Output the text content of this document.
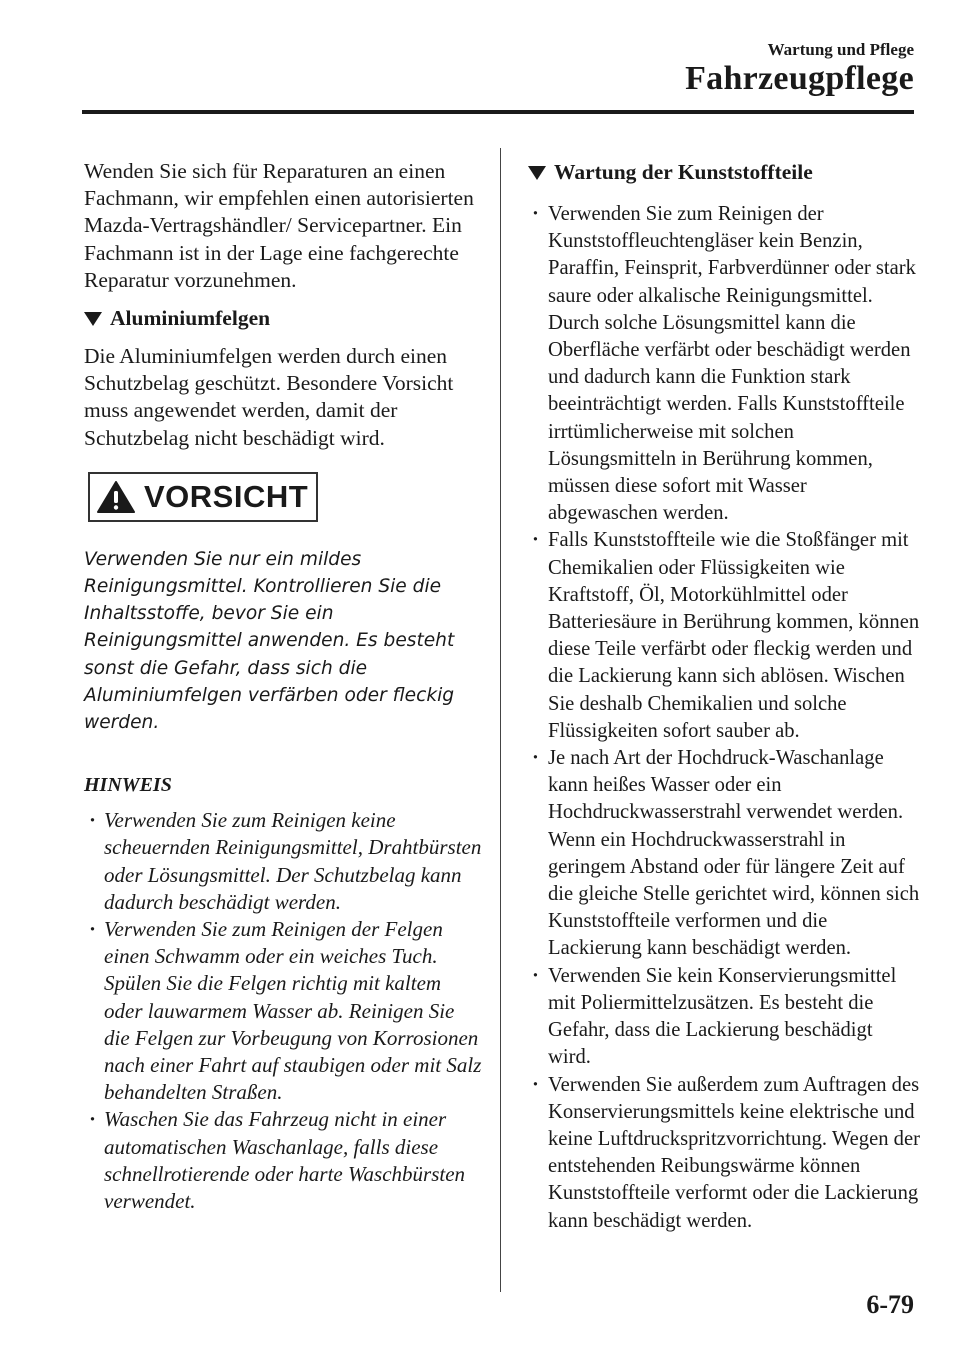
Wartung und Pflege
Fahrzeugpflege

Wenden Sie sich für Reparaturen an einen Fachmann, wir empfehlen einen autorisierten Mazda-Vertragshändler/ Servicepartner. Ein Fachmann ist in der Lage eine fachgerechte Reparatur vorzunehmen.

Aluminiumfelgen

Die Aluminiumfelgen werden durch einen Schutzbelag geschützt. Besondere Vorsicht muss angewendet werden, damit der Schutzbelag nicht beschädigt wird.

VORSICHT

Verwenden Sie nur ein mildes Reinigungsmittel. Kontrollieren Sie die Inhaltsstoffe, bevor Sie ein Reinigungsmittel anwenden. Es besteht sonst die Gefahr, dass sich die Aluminiumfelgen verfärben oder fleckig werden.

HINWEIS
· Verwenden Sie zum Reinigen keine scheuernden Reinigungsmittel, Drahtbürsten oder Lösungsmittel. Der Schutzbelag kann dadurch beschädigt werden.
· Verwenden Sie zum Reinigen der Felgen einen Schwamm oder ein weiches Tuch. Spülen Sie die Felgen richtig mit kaltem oder lauwarmem Wasser ab. Reinigen Sie die Felgen zur Vorbeugung von Korrosionen nach einer Fahrt auf staubigen oder mit Salz behandelten Straßen.
· Waschen Sie das Fahrzeug nicht in einer automatischen Waschanlage, falls diese schnellrotierende oder harte Waschbürsten verwendet.
Wartung der Kunststoffteile
· Verwenden Sie zum Reinigen der Kunststoffleuchtengläser kein Benzin, Paraffin, Feinsprit, Farbverdünner oder stark saure oder alkalische Reinigungsmittel. Durch solche Lösungsmittel kann die Oberfläche verfärbt oder beschädigt werden und dadurch kann die Funktion stark beeinträchtigt werden. Falls Kunststoffteile irrtümlicherweise mit solchen Lösungsmitteln in Berührung kommen, müssen diese sofort mit Wasser abgewaschen werden.
· Falls Kunststoffteile wie die Stoßfänger mit Chemikalien oder Flüssigkeiten wie Kraftstoff, Öl, Motorkühlmittel oder Batteriesäure in Berührung kommen, können diese Teile verfärbt oder fleckig werden und die Lackierung kann sich ablösen. Wischen Sie deshalb Chemikalien und solche Flüssigkeiten sofort sauber ab.
· Je nach Art der Hochdruck-Waschanlage kann heißes Wasser oder ein Hochdruckwasserstrahl verwendet werden. Wenn ein Hochdruckwasserstrahl in geringem Abstand oder für längere Zeit auf die gleiche Stelle gerichtet wird, können sich Kunststoffteile verformen und die Lackierung kann beschädigt werden.
· Verwenden Sie kein Konservierungsmittel mit Poliermittelzusätzen. Es besteht die Gefahr, dass die Lackierung beschädigt wird.
· Verwenden Sie außerdem zum Auftragen des Konservierungsmittels keine elektrische und keine Luftdruckspritzvorrichtung. Wegen der entstehenden Reibungswärme können Kunststoffteile verformt oder die Lackierung kann beschädigt werden.
6-79
